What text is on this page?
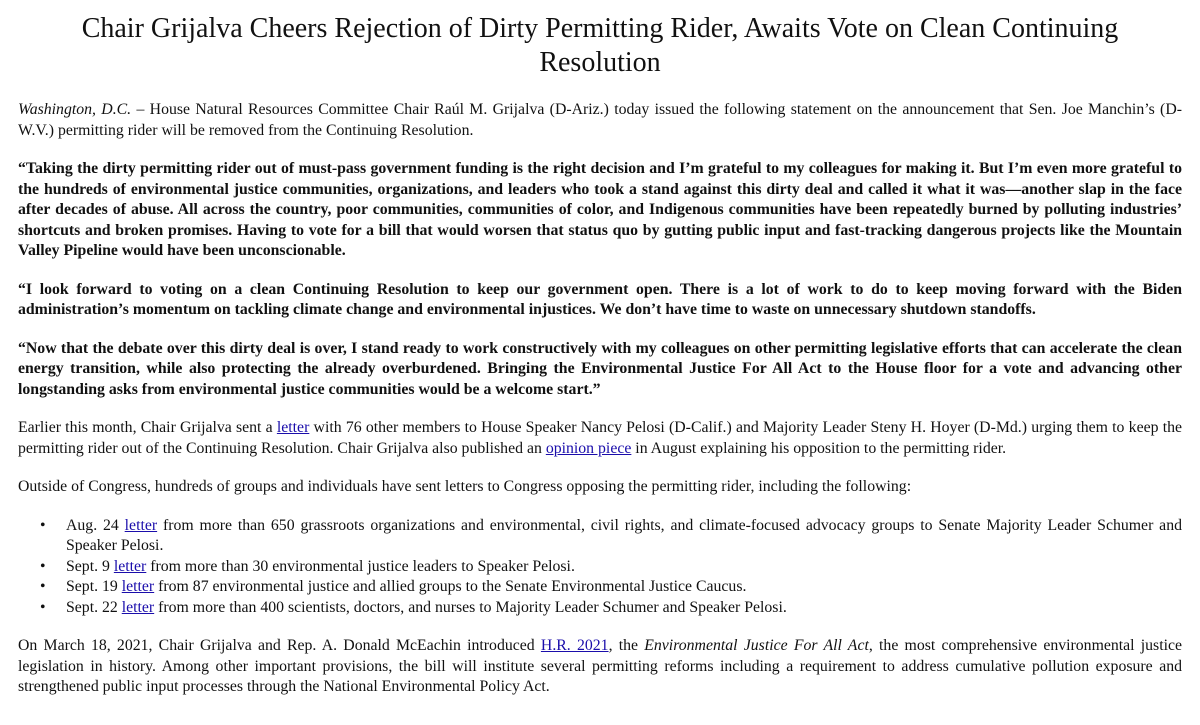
Chair Grijalva Cheers Rejection of Dirty Permitting Rider, Awaits Vote on Clean Continuing Resolution

Washington, D.C. – House Natural Resources Committee Chair Raúl M. Grijalva (D-Ariz.) today issued the following statement on the announcement that Sen. Joe Manchin’s (D-W.V.) permitting rider will be removed from the Continuing Resolution.

“Taking the dirty permitting rider out of must-pass government funding is the right decision and I’m grateful to my colleagues for making it. But I’m even more grateful to the hundreds of environmental justice communities, organizations, and leaders who took a stand against this dirty deal and called it what it was—another slap in the face after decades of abuse. All across the country, poor communities, communities of color, and Indigenous communities have been repeatedly burned by polluting industries’ shortcuts and broken promises. Having to vote for a bill that would worsen that status quo by gutting public input and fast-tracking dangerous projects like the Mountain Valley Pipeline would have been unconscionable.

“I look forward to voting on a clean Continuing Resolution to keep our government open. There is a lot of work to do to keep moving forward with the Biden administration’s momentum on tackling climate change and environmental injustices. We don’t have time to waste on unnecessary shutdown standoffs.

“Now that the debate over this dirty deal is over, I stand ready to work constructively with my colleagues on other permitting legislative efforts that can accelerate the clean energy transition, while also protecting the already overburdened. Bringing the Environmental Justice For All Act to the House floor for a vote and advancing other longstanding asks from environmental justice communities would be a welcome start.”

Earlier this month, Chair Grijalva sent a letter with 76 other members to House Speaker Nancy Pelosi (D-Calif.) and Majority Leader Steny H. Hoyer (D-Md.) urging them to keep the permitting rider out of the Continuing Resolution. Chair Grijalva also published an opinion piece in August explaining his opposition to the permitting rider.

Outside of Congress, hundreds of groups and individuals have sent letters to Congress opposing the permitting rider, including the following:

• Aug. 24 letter from more than 650 grassroots organizations and environmental, civil rights, and climate-focused advocacy groups to Senate Majority Leader Schumer and Speaker Pelosi.
• Sept. 9 letter from more than 30 environmental justice leaders to Speaker Pelosi.
• Sept. 19 letter from 87 environmental justice and allied groups to the Senate Environmental Justice Caucus.
• Sept. 22 letter from more than 400 scientists, doctors, and nurses to Majority Leader Schumer and Speaker Pelosi.

On March 18, 2021, Chair Grijalva and Rep. A. Donald McEachin introduced H.R. 2021, the Environmental Justice For All Act, the most comprehensive environmental justice legislation in history. Among other important provisions, the bill will institute several permitting reforms including a requirement to address cumulative pollution exposure and strengthened public input processes through the National Environmental Policy Act.
